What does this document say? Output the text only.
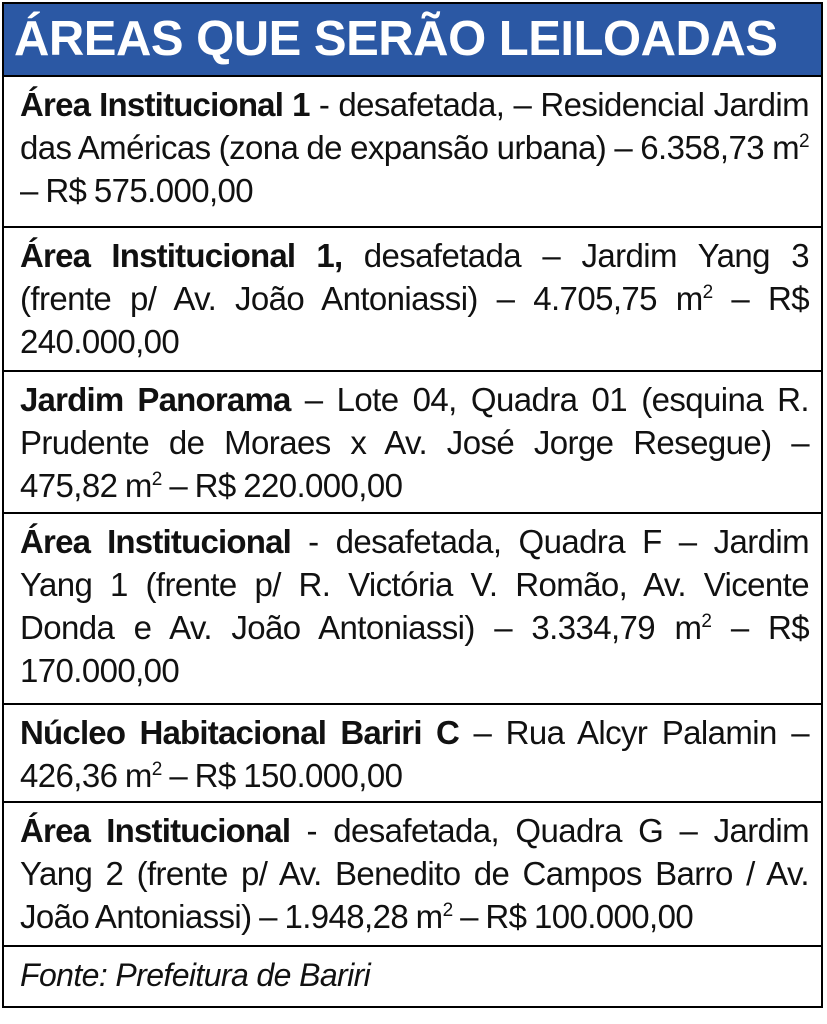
ÁREAS QUE SERÃO LEILOADAS
Área Institucional 1 - desafetada, – Residencial Jardim das Américas (zona de expansão urbana) – 6.358,73 $m^2$ – R$ 575.000,00
Área Institucional 1, desafetada – Jardim Yang 3 (frente p/ Av. João Antoniassi) – 4.705,75 $m^2$ – R$ 240.000,00
Jardim Panorama – Lote 04, Quadra 01 (esquina R. Prudente de Moraes x Av. José Jorge Resegue) – 475,82 $m^2$ – R$ 220.000,00
Área Institucional - desafetada, Quadra F – Jardim Yang 1 (frente p/ R. Victória V. Romão, Av. Vicente Donda e Av. João Antoniassi) – 3.334,79 $m^2$ – R$ 170.000,00
Núcleo Habitacional Bariri C – Rua Alcyr Palamin – 426,36 $m^2$ – R$ 150.000,00
Área Institucional - desafetada, Quadra G – Jardim Yang 2 (frente p/ Av. Benedito de Campos Barro / Av. João Antoniassi) – 1.948,28 $m^2$ – R$ 100.000,00
Fonte: Prefeitura de Bariri
